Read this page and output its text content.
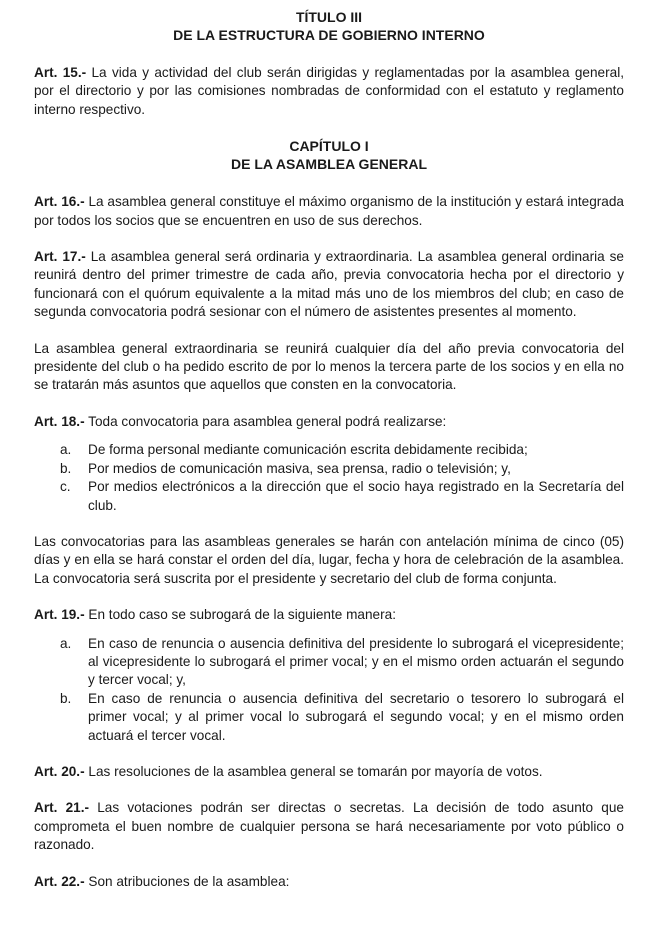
TÍTULO III

DE LA ESTRUCTURA DE GOBIERNO INTERNO

Art. 15.- La vida y actividad del club serán dirigidas y reglamentadas por la asamblea general, por el directorio y por las comisiones nombradas de conformidad con el estatuto y reglamento interno respectivo.

CAPÍTULO I

DE LA ASAMBLEA GENERAL

Art. 16.- La asamblea general constituye el máximo organismo de la institución y estará integrada por todos los socios que se encuentren en uso de sus derechos.

Art. 17.- La asamblea general será ordinaria y extraordinaria. La asamblea general ordinaria se reunirá dentro del primer trimestre de cada año, previa convocatoria hecha por el directorio y funcionará con el quórum equivalente a la mitad más uno de los miembros del club; en caso de segunda convocatoria podrá sesionar con el número de asistentes presentes al momento.

La asamblea general extraordinaria se reunirá cualquier día del año previa convocatoria del presidente del club o ha pedido escrito de por lo menos la tercera parte de los socios y en ella no se tratarán más asuntos que aquellos que consten en la convocatoria.

Art. 18.- Toda convocatoria para asamblea general podrá realizarse:

a. De forma personal mediante comunicación escrita debidamente recibida;
b. Por medios de comunicación masiva, sea prensa, radio o televisión; y,
c. Por medios electrónicos a la dirección que el socio haya registrado en la Secretaría del club.

Las convocatorias para las asambleas generales se harán con antelación mínima de cinco (05) días y en ella se hará constar el orden del día, lugar, fecha y hora de celebración de la asamblea. La convocatoria será suscrita por el presidente y secretario del club de forma conjunta.

Art. 19.- En todo caso se subrogará de la siguiente manera:

a. En caso de renuncia o ausencia definitiva del presidente lo subrogará el vicepresidente; al vicepresidente lo subrogará el primer vocal; y en el mismo orden actuarán el segundo y tercer vocal; y,
b. En caso de renuncia o ausencia definitiva del secretario o tesorero lo subrogará el primer vocal; y al primer vocal lo subrogará el segundo vocal; y en el mismo orden actuará el tercer vocal.

Art. 20.- Las resoluciones de la asamblea general se tomarán por mayoría de votos.

Art. 21.- Las votaciones podrán ser directas o secretas. La decisión de todo asunto que comprometa el buen nombre de cualquier persona se hará necesariamente por voto público o razonado.

Art. 22.- Son atribuciones de la asamblea:
